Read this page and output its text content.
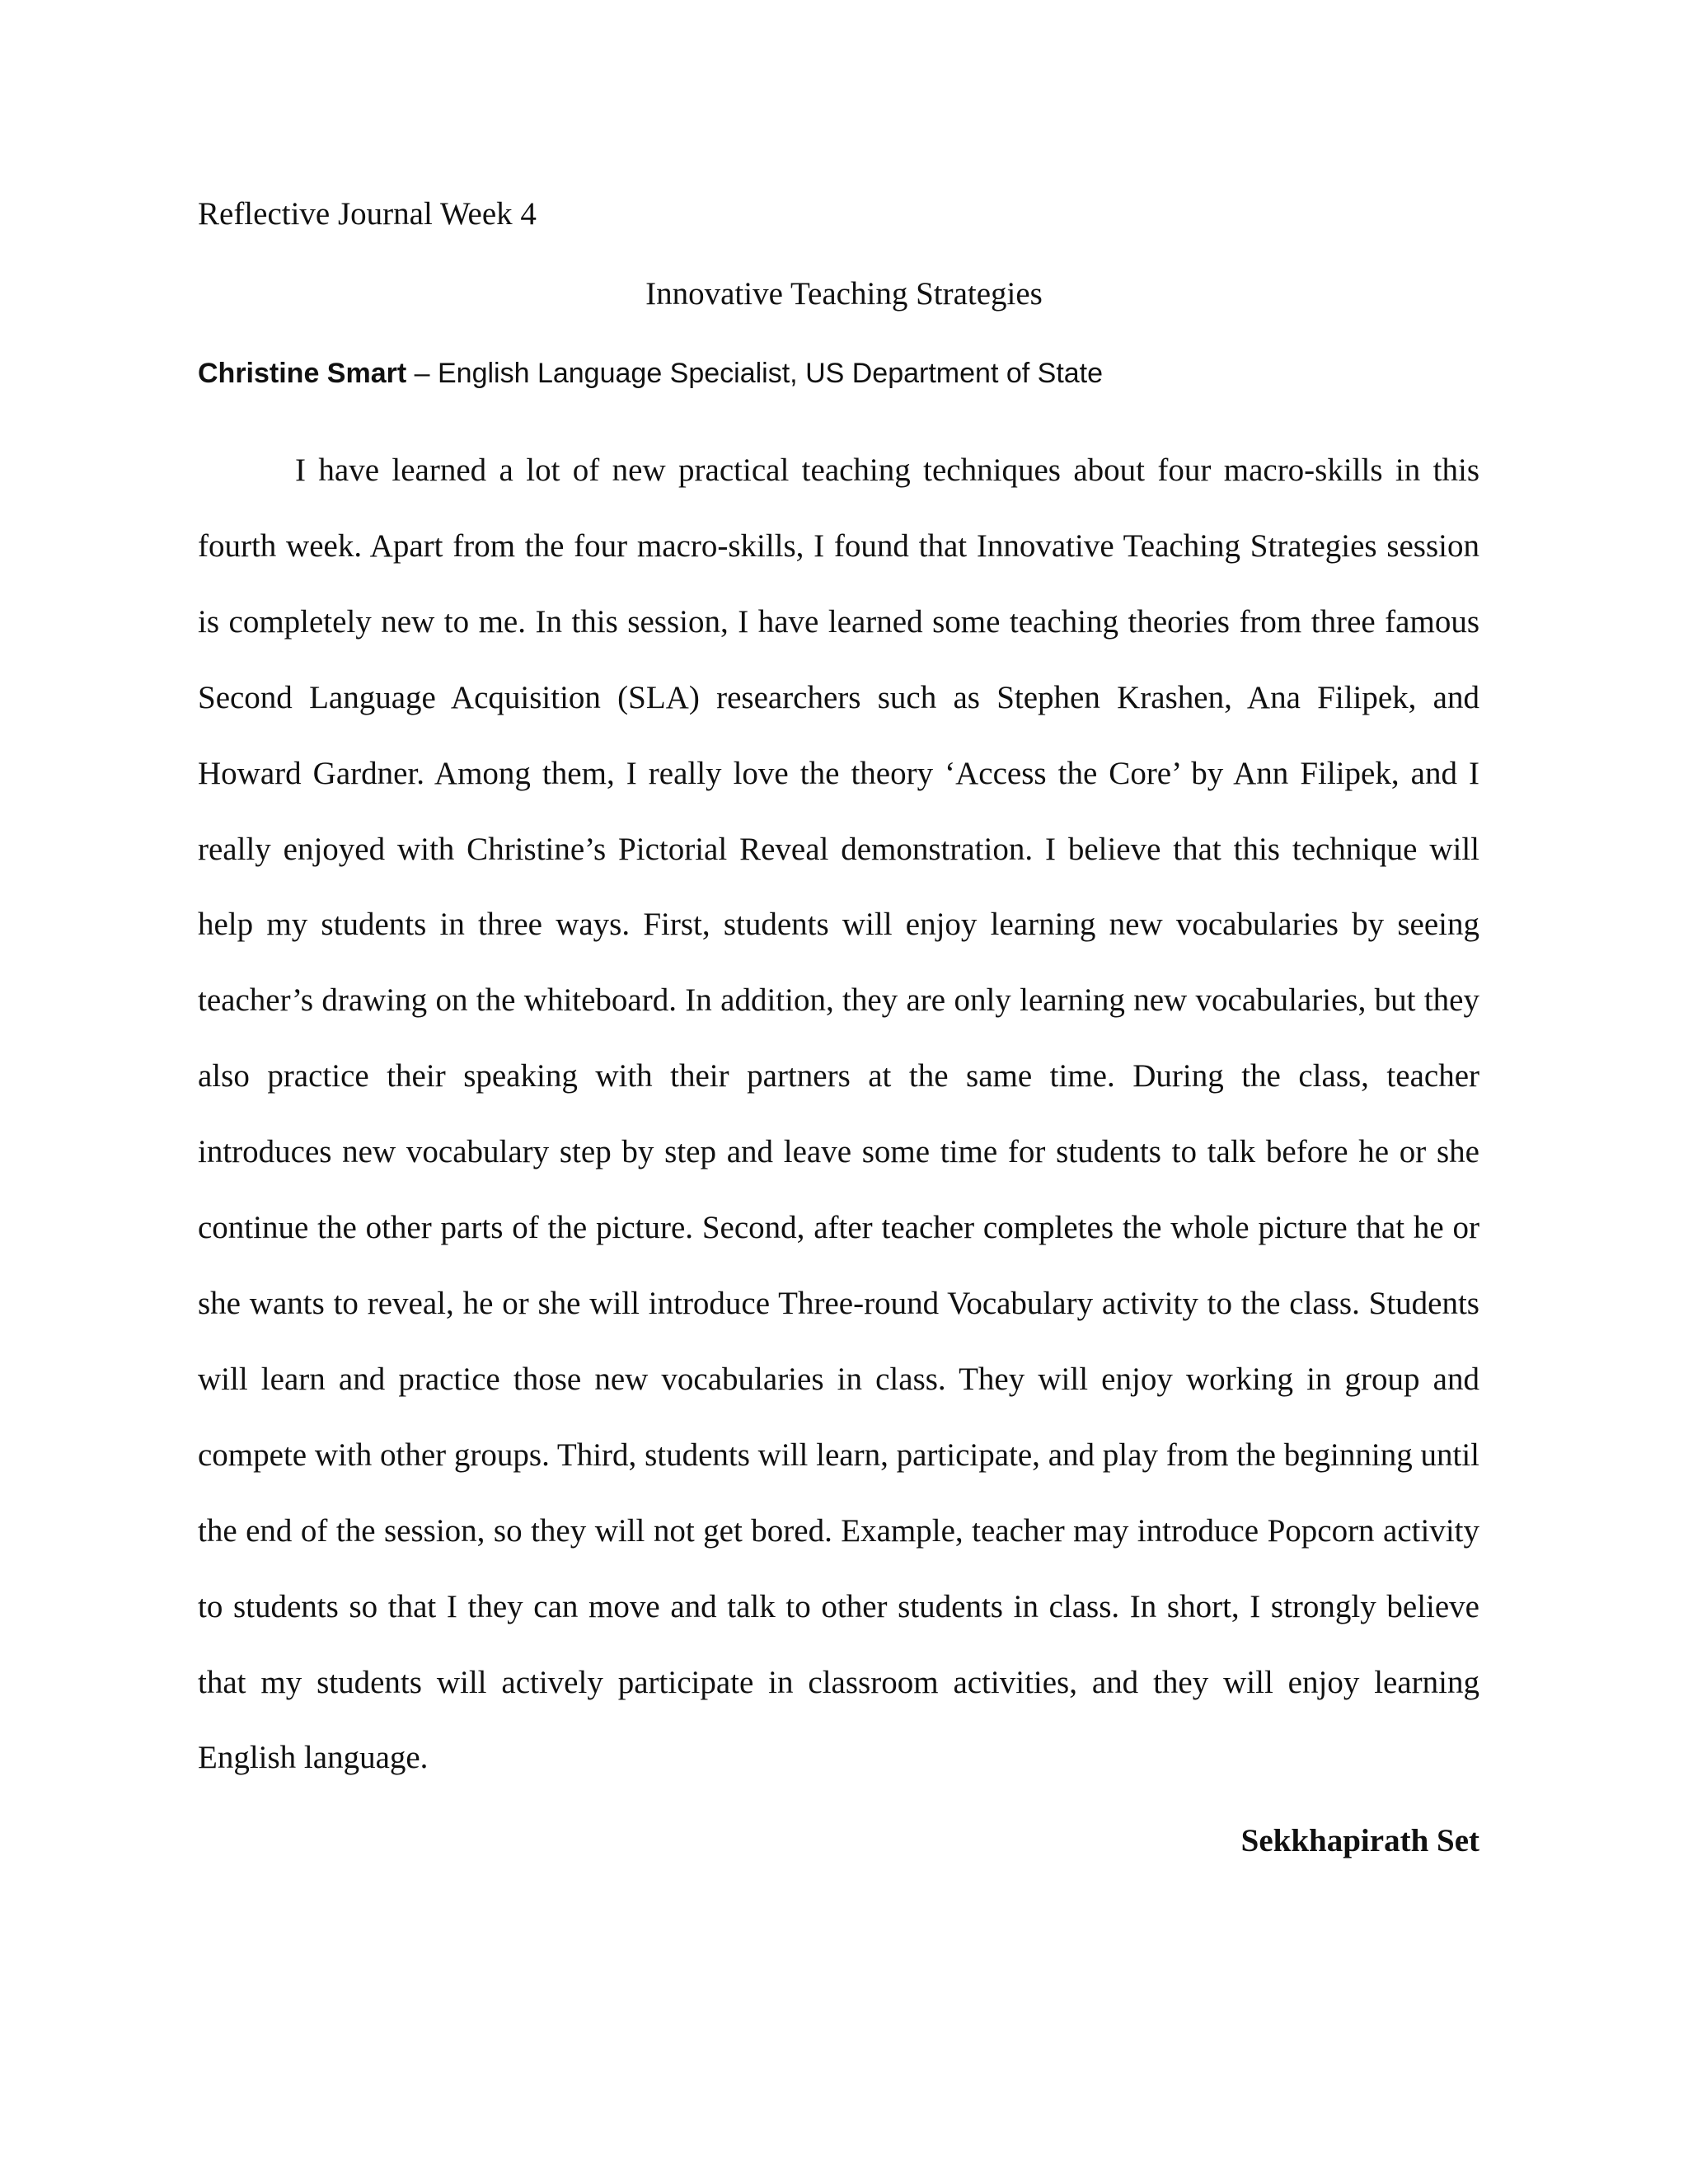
Reflective Journal Week 4
Innovative Teaching Strategies
Christine Smart – English Language Specialist, US Department of State

I have learned a lot of new practical teaching techniques about four macro-skills in this fourth week. Apart from the four macro-skills, I found that Innovative Teaching Strategies session is completely new to me. In this session, I have learned some teaching theories from three famous Second Language Acquisition (SLA) researchers such as Stephen Krashen, Ana Filipek, and Howard Gardner. Among them, I really love the theory ‘Access the Core’ by Ann Filipek, and I really enjoyed with Christine’s Pictorial Reveal demonstration. I believe that this technique will help my students in three ways. First, students will enjoy learning new vocabularies by seeing teacher’s drawing on the whiteboard. In addition, they are only learning new vocabularies, but they also practice their speaking with their partners at the same time. During the class, teacher introduces new vocabulary step by step and leave some time for students to talk before he or she continue the other parts of the picture. Second, after teacher completes the whole picture that he or she wants to reveal, he or she will introduce Three-round Vocabulary activity to the class. Students will learn and practice those new vocabularies in class. They will enjoy working in group and compete with other groups. Third, students will learn, participate, and play from the beginning until the end of the session, so they will not get bored. Example, teacher may introduce Popcorn activity to students so that I they can move and talk to other students in class. In short, I strongly believe that my students will actively participate in classroom activities, and they will enjoy learning English language.

Sekkhapirath Set
